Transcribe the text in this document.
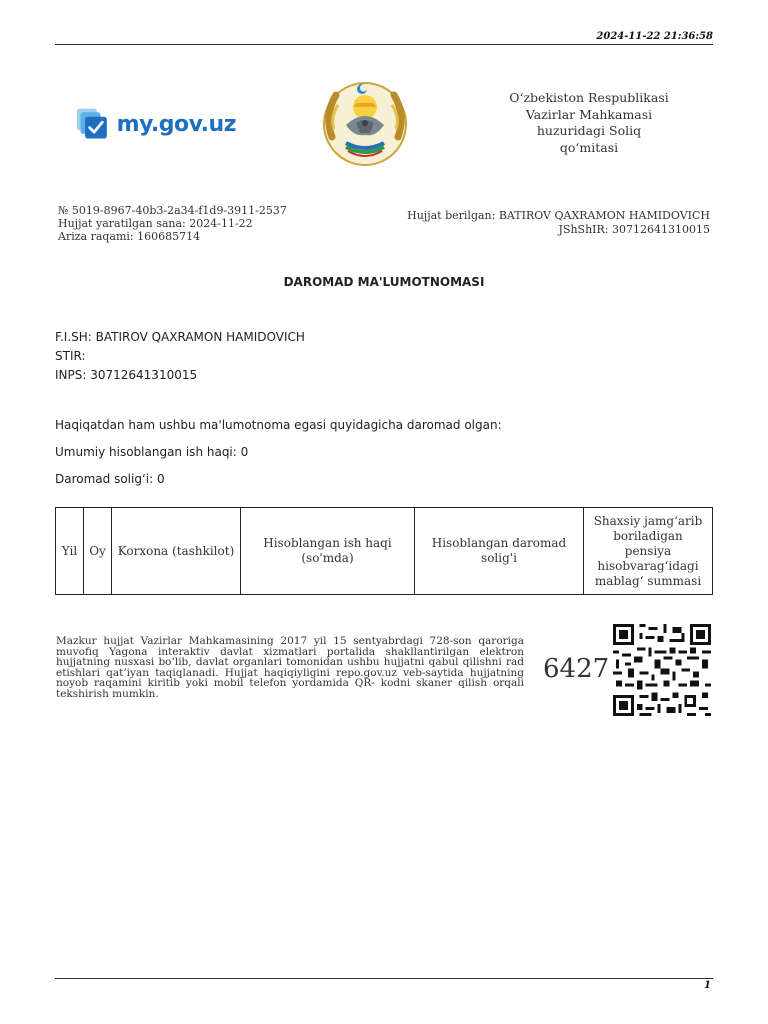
2024-11-22 21:36:58
my.gov.uz
O‘zbekiston Respublikasi
Vazirlar Mahkamasi
huzuridagi Soliq
qo‘mitasi
№ 5019-8967-40b3-2a34-f1d9-3911-2537
Hujjat yaratilgan sana: 2024-11-22
Ariza raqami: 160685714
Hujjat berilgan: BATIROV QAXRAMON HAMIDOVICH
JShShIR: 30712641310015
DAROMAD MA'LUMOTNOMASI
F.I.SH: BATIROV QAXRAMON HAMIDOVICH
STIR:
INPS: 30712641310015
Haqiqatdan ham ushbu ma'lumotnoma egasi quyidagicha daromad olgan:
Umumiy hisoblangan ish haqi: 0
Daromad solig‘i: 0
Yil	Oy	Korxona (tashkilot)	Hisoblangan ish haqi (so'mda)	Hisoblangan daromad solig'i	Shaxsiy jamg‘arib boriladigan pensiya hisobvarag‘idagi mablag‘ summasi
Mazkur hujjat Vazirlar Mahkamasining 2017 yil 15 sentyabrdagi 728-son qaroriga muvofiq Yagona interaktiv davlat xizmatlari portalida shakllantirilgan elektron hujjatning nusxasi bo‘lib, davlat organlari tomonidan ushbu hujjatni qabul qilishni rad etishlari qat’iyan taqiqlanadi. Hujjat haqiqiyligini repo.gov.uz veb-saytida hujjatning noyob raqamini kiritib yoki mobil telefon yordamida QR- kodni skaner qilish orqali tekshirish mumkin.
6427
1
